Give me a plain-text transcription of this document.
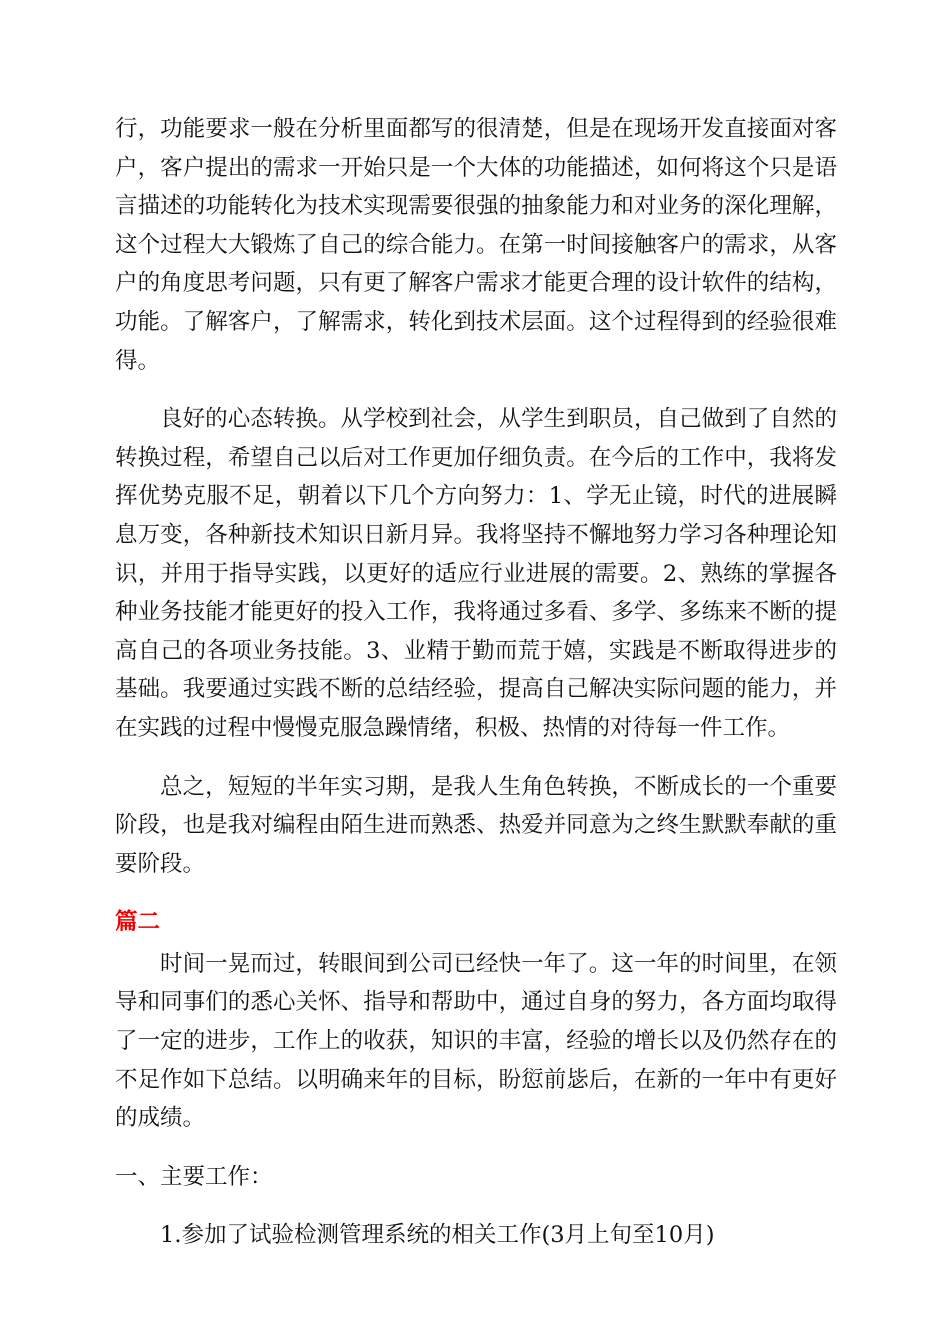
行，功能要求一般在分析里面都写的很清楚，但是在现场开发直接面对客户，客户提出的需求一开始只是一个大体的功能描述，如何将这个只是语言描述的功能转化为技术实现需要很强的抽象能力和对业务的深化理解，这个过程大大锻炼了自己的综合能力。在第一时间接触客户的需求，从客户的角度思考问题，只有更了解客户需求才能更合理的设计软件的结构，功能。了解客户，了解需求，转化到技术层面。这个过程得到的经验很难得。

良好的心态转换。从学校到社会，从学生到职员，自己做到了自然的转换过程，希望自己以后对工作更加仔细负责。在今后的工作中，我将发挥优势克服不足，朝着以下几个方向努力：1、学无止镜，时代的进展瞬息万变，各种新技术知识日新月异。我将坚持不懈地努力学习各种理论知识，并用于指导实践，以更好的适应行业进展的需要。2、熟练的掌握各种业务技能才能更好的投入工作，我将通过多看、多学、多练来不断的提高自己的各项业务技能。3、业精于勤而荒于嬉，实践是不断取得进步的基础。我要通过实践不断的总结经验，提高自己解决实际问题的能力，并在实践的过程中慢慢克服急躁情绪，积极、热情的对待每一件工作。

总之，短短的半年实习期，是我人生角色转换，不断成长的一个重要阶段，也是我对编程由陌生进而熟悉、热爱并同意为之终生默默奉献的重要阶段。

篇二

时间一晃而过，转眼间到公司已经快一年了。这一年的时间里，在领导和同事们的悉心关怀、指导和帮助中，通过自身的努力，各方面均取得了一定的进步，工作上的收获，知识的丰富，经验的增长以及仍然存在的不足作如下总结。以明确来年的目标，盼愆前毖后，在新的一年中有更好的成绩。

一、主要工作：

1.参加了试验检测管理系统的相关工作(3月上旬至10月)
